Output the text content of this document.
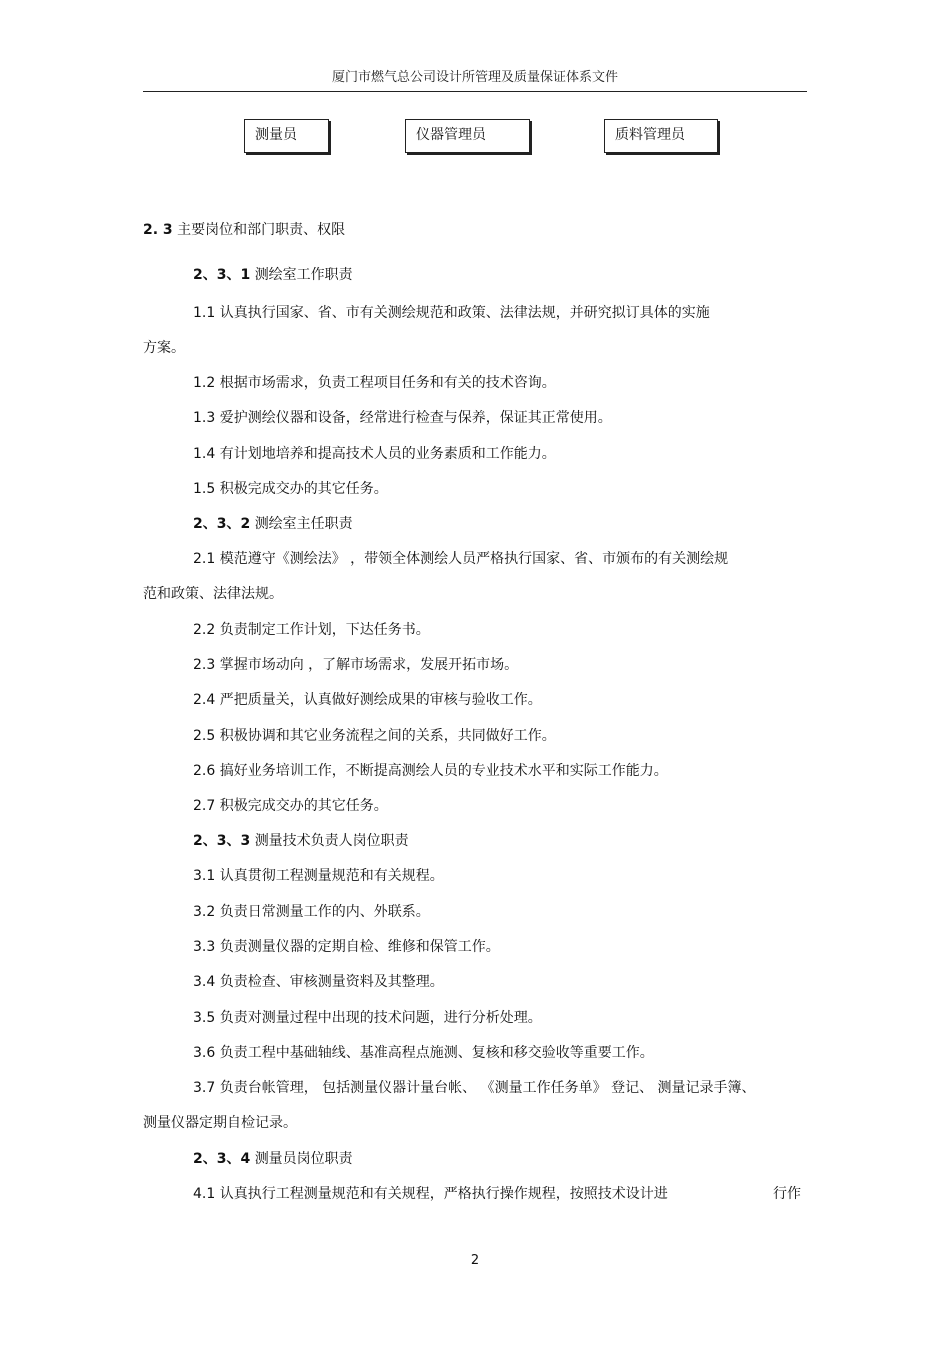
厦门市燃气总公司设计所管理及质量保证体系文件
测量员	仪器管理员	质料管理员
2. 3 主要岗位和部门职责、权限
2、3、1 测绘室工作职责
1.1 认真执行国家、省、市有关测绘规范和政策、法律法规，并研究拟订具体的实施
方案。
1.2 根据市场需求，负责工程项目任务和有关的技术咨询。
1.3 爱护测绘仪器和设备，经常进行检查与保养，保证其正常使用。
1.4 有计划地培养和提高技术人员的业务素质和工作能力。
1.5 积极完成交办的其它任务。
2、3、2 测绘室主任职责
2.1 模范遵守《测绘法》 ，带领全体测绘人员严格执行国家、省、市颁布的有关测绘规
范和政策、法律法规。
2.2 负责制定工作计划，下达任务书。
2.3 掌握市场动向 ，了解市场需求，发展开拓市场。
2.4 严把质量关，认真做好测绘成果的审核与验收工作。
2.5 积极协调和其它业务流程之间的关系，共同做好工作。
2.6 搞好业务培训工作，不断提高测绘人员的专业技术水平和实际工作能力。
2.7 积极完成交办的其它任务。
2、3、3 测量技术负责人岗位职责
3.1 认真贯彻工程测量规范和有关规程。
3.2 负责日常测量工作的内、外联系。
3.3 负责测量仪器的定期自检、维修和保管工作。
3.4 负责检查、审核测量资料及其整理。
3.5 负责对测量过程中出现的技术问题，进行分析处理。
3.6 负责工程中基础轴线、基准高程点施测、复核和移交验收等重要工作。
3.7 负责台帐管理， 包括测量仪器计量台帐、 《测量工作任务单》 登记、 测量记录手簿、
测量仪器定期自检记录。
2、3、4 测量员岗位职责
4.1 认真执行工程测量规范和有关规程，严格执行操作规程，按照技术设计进	行作
2
